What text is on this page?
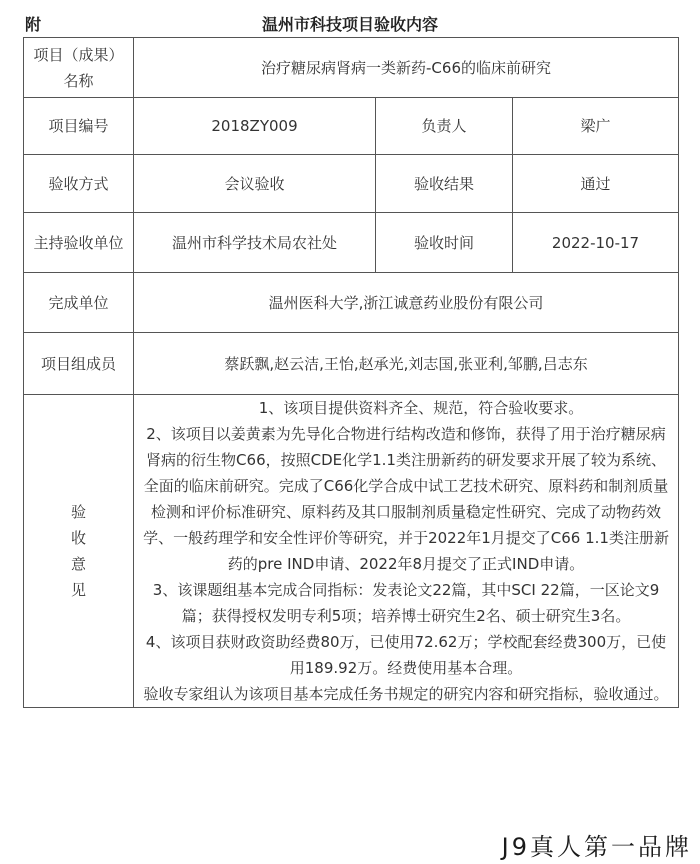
附	温州市科技项目验收内容
项目（成果）名称	治疗糖尿病肾病一类新药-C66的临床前研究		
项目编号	2018ZY009	负责人	梁广
验收方式	会议验收	验收结果	通过
主持验收单位	温州市科学技术局农社处	验收时间	2022-10-17
完成单位	温州医科大学,浙江诚意药业股份有限公司		
项目组成员	蔡跃飘,赵云洁,王怡,赵承光,刘志国,张亚利,邹鹏,吕志东		

验收意见	1、该项目提供资料齐全、规范，符合验收要求。

2、该项目以姜黄素为先导化合物进行结构改造和修饰，获得了用于治疗糖尿病肾病的衍生物C66，按照CDE化学1.1类注册新药的研发要求开展了较为系统、全面的临床前研究。完成了C66化学合成中试工艺技术研究、原料药和制剂质量检测和评价标准研究、原料药及其口服制剂质量稳定性研究、完成了动物药效学、一般药理学和安全性评价等研究，并于2022年1月提交了C66 1.1类注册新药的pre IND申请、2022年8月提交了正式IND申请。

3、该课题组基本完成合同指标：发表论文22篇，其中SCI 22篇，一区论文9篇；获得授权发明专利5项；培养博士研究生2名、硕士研究生3名。

4、该项目获财政资助经费80万，已使用72.62万；学校配套经费300万，已使用189.92万。经费使用基本合理。

验收专家组认为该项目基本完成任务书规定的研究内容和研究指标，验收通过。		

J9真人第一品牌
